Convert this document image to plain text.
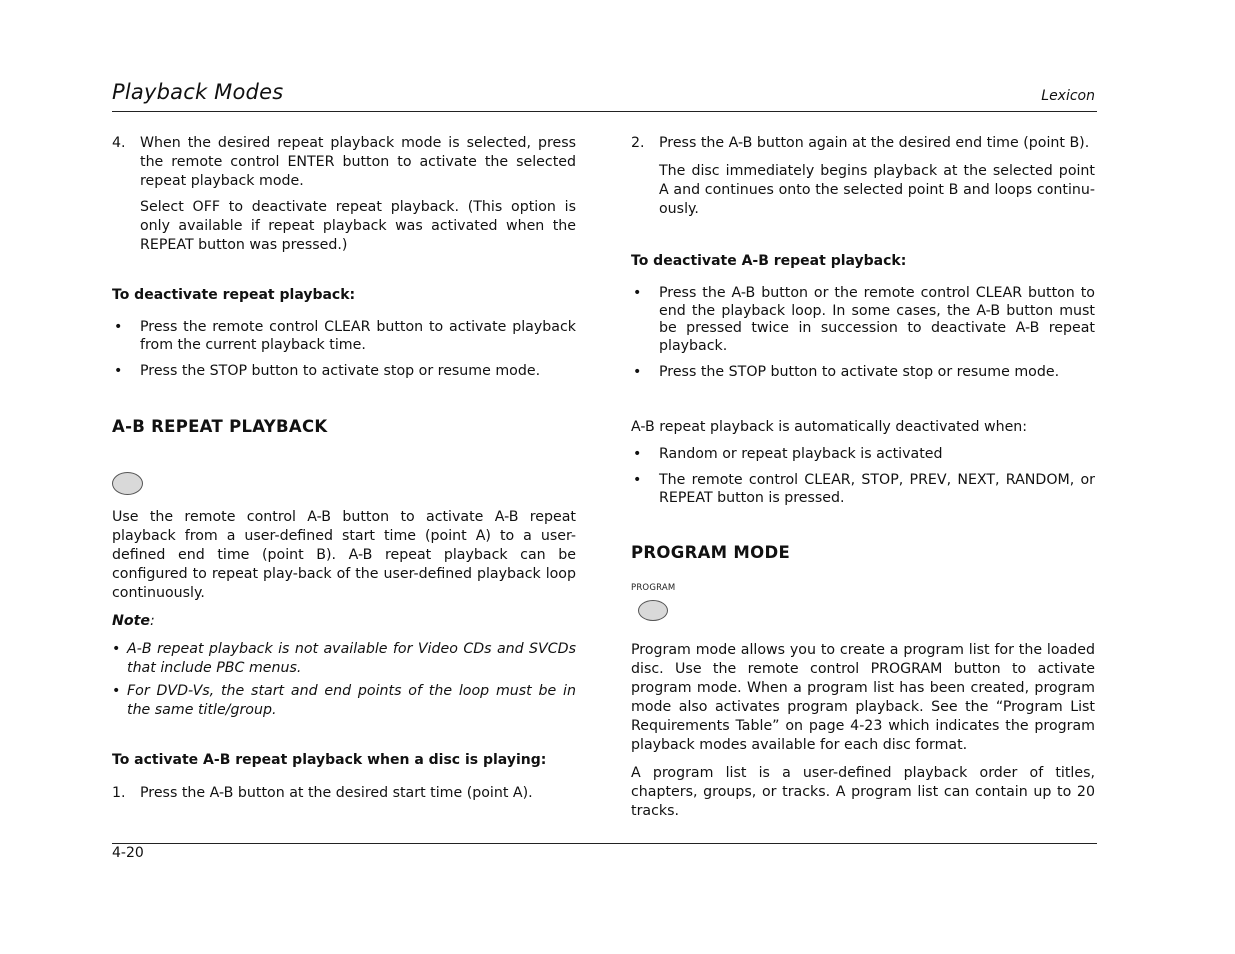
Playback Modes	Lexicon
4. When the desired repeat playback mode is selected, press the remote control ENTER button to activate the selected repeat playback mode.

Select OFF to deactivate repeat playback. (This option is only available if repeat playback was activated when the REPEAT button was pressed.)

To deactivate repeat playback:

• Press the remote control CLEAR button to activate playback from the current playback time.
• Press the STOP button to activate stop or resume mode.

A-B REPEAT PLAYBACK

Use the remote control A-B button to activate A-B repeat playback from a user-defined start time (point A) to a user-defined end time (point B). A-B repeat playback can be configured to repeat play-back of the user-defined playback loop continuously.

Note:

• A-B repeat playback is not available for Video CDs and SVCDs that include PBC menus.
• For DVD-Vs, the start and end points of the loop must be in the same title/group.

To activate A-B repeat playback when a disc is playing:

1. Press the A-B button at the desired start time (point A).
2. Press the A-B button again at the desired end time (point B).

The disc immediately begins playback at the selected point A and continues onto the selected point B and loops continu-ously.

To deactivate A-B repeat playback:

• Press the A-B button or the remote control CLEAR button to end the playback loop. In some cases, the A-B button must be pressed twice in succession to deactivate A-B repeat playback.
• Press the STOP button to activate stop or resume mode.

A-B repeat playback is automatically deactivated when:

• Random or repeat playback is activated
• The remote control CLEAR, STOP, PREV, NEXT, RANDOM, or REPEAT button is pressed.

PROGRAM MODE

PROGRAM

Program mode allows you to create a program list for the loaded disc. Use the remote control PROGRAM button to activate program mode. When a program list has been created, program mode also activates program playback. See the “Program List Requirements Table” on page 4-23 which indicates the program playback modes available for each disc format.

A program list is a user-defined playback order of titles, chapters, groups, or tracks. A program list can contain up to 20 tracks.

4-20
